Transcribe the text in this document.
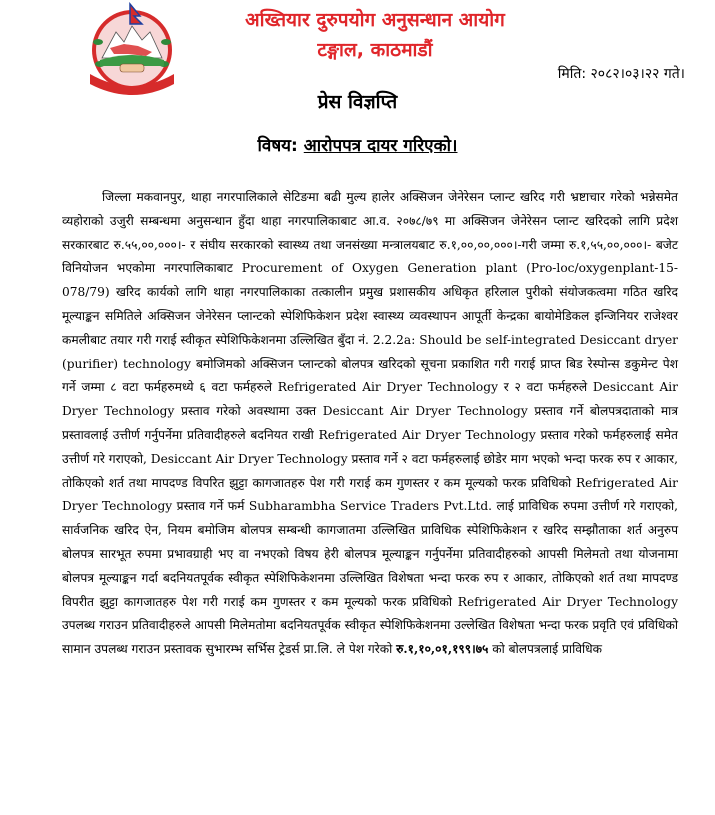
अख्तियार दुरुपयोग अनुसन्धान आयोग
टङ्गाल, काठमाडौं
मिति: २०८२।०३।२२ गते।
प्रेस विज्ञप्ति
विषय: आरोपपत्र दायर गरिएको।

जिल्ला मकवानपुर, थाहा नगरपालिकाले सेटिङमा बढी मुल्य हालेर अक्सिजन जेनेरेसन प्लान्ट खरिद गरी भ्रष्टाचार गरेको भन्नेसमेत व्यहोराको उजुरी सम्बन्धमा अनुसन्धान हुँदा थाहा नगरपालिकाबाट आ.व. २०७८/७९ मा अक्सिजन जेनेरेसन प्लान्ट खरिदको लागि प्रदेश सरकारबाट रु.५५,००,०००।- र संघीय सरकारको स्वास्थ्य तथा जनसंख्या मन्त्रालयबाट रु.१,००,००,०००।-गरी जम्मा रु.१,५५,००,०००।- बजेट विनियोजन भएकोमा नगरपालिकाबाट Procurement of Oxygen Generation plant (Pro-loc/oxygenplant-15-078/79) खरिद कार्यको लागि थाहा नगरपालिकाका तत्कालीन प्रमुख प्रशासकीय अधिकृत हरिलाल पुरीको संयोजकत्वमा गठित खरिद मूल्याङ्कन समितिले अक्सिजन जेनेरेसन प्लान्टको स्पेशिफिकेशन प्रदेश स्वास्थ्य व्यवस्थापन आपूर्ती केन्द्रका बायोमेडिकल इन्जिनियर राजेश्वर कमलीबाट तयार गरी गराई स्वीकृत स्पेशिफिकेशनमा उल्लिखित बुँदा नं. 2.2.2a: Should be self-integrated Desiccant dryer (purifier) technology बमोजिमको अक्सिजन प्लान्टको बोलपत्र खरिदको सूचना प्रकाशित गरी गराई प्राप्त बिड रेस्पोन्स डकुमेन्ट पेश गर्ने जम्मा ८ वटा फर्महरुमध्ये ६ वटा फर्महरुले Refrigerated Air Dryer Technology र २ वटा फर्महरुले Desiccant Air Dryer Technology प्रस्ताव गरेको अवस्थामा उक्त Desiccant Air Dryer Technology प्रस्ताव गर्ने बोलपत्रदाताको मात्र प्रस्तावलाई उत्तीर्ण गर्नुपर्नेमा प्रतिवादीहरुले बदनियत राखी Refrigerated Air Dryer Technology प्रस्ताव गरेको फर्महरुलाई समेत उत्तीर्ण गरे गराएको, Desiccant Air Dryer Technology प्रस्ताव गर्ने २ वटा फर्महरुलाई छोडेर माग भएको भन्दा फरक रुप र आकार, तोकिएको शर्त तथा मापदण्ड विपरित झुट्टा कागजातहरु पेश गरी गराई कम गुणस्तर र कम मूल्यको फरक प्रविधिको Refrigerated Air Dryer Technology प्रस्ताव गर्ने फर्म Subharambha Service Traders Pvt.Ltd. लाई प्राविधिक रुपमा उत्तीर्ण गरे गराएको, सार्वजनिक खरिद ऐन, नियम बमोजिम बोलपत्र सम्बन्धी कागजातमा उल्लिखित प्राविधिक स्पेशिफिकेशन र खरिद सम्झौताका शर्त अनुरुप बोलपत्र सारभूत रुपमा प्रभावग्राही भए वा नभएको विषय हेरी बोलपत्र मूल्याङ्कन गर्नुपर्नेमा प्रतिवादीहरुको आपसी मिलेमतो तथा योजनामा बोलपत्र मूल्याङ्कन गर्दा बदनियतपूर्वक स्वीकृत स्पेशिफिकेशनमा उल्लिखित विशेषता भन्दा फरक रुप र आकार, तोकिएको शर्त तथा मापदण्ड विपरीत झुट्टा कागजातहरु पेश गरी गराई कम गुणस्तर र कम मूल्यको फरक प्रविधिको Refrigerated Air Dryer Technology उपलब्ध गराउन प्रतिवादीहरुले आपसी मिलेमतोमा बदनियतपूर्वक स्वीकृत स्पेशिफिकेशनमा उल्लेखित विशेषता भन्दा फरक प्रवृति एवं प्रविधिको सामान उपलब्ध गराउन प्रस्तावक सुभारम्भ सर्भिस ट्रेडर्स प्रा.लि. ले पेश गरेको रु.१,१०,०१,१९९।७५ को बोलपत्रलाई प्राविधिक
